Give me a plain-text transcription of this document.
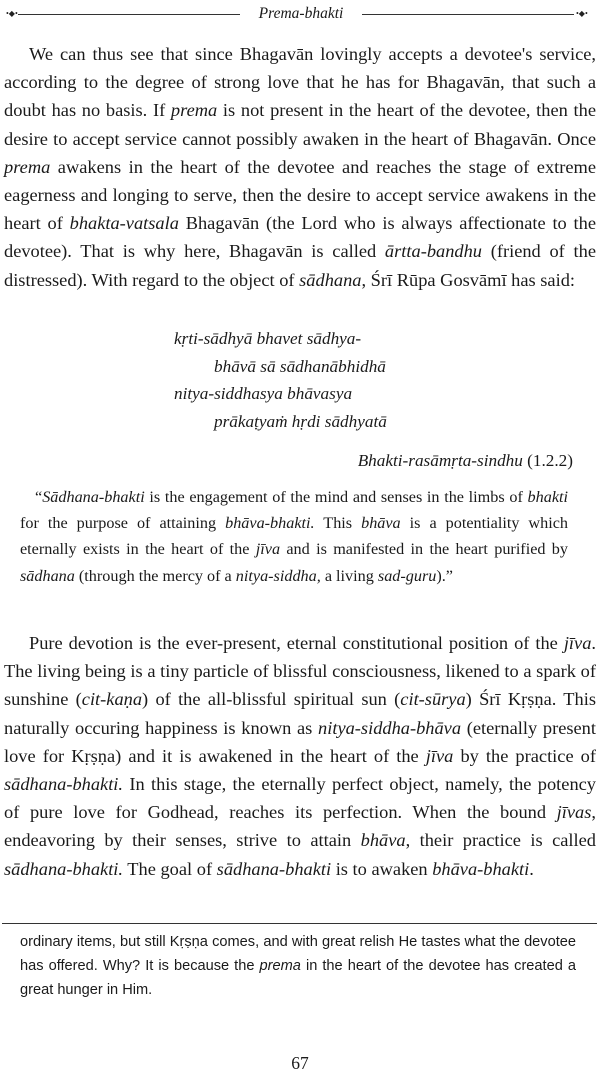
•◆•	Prema-bhakti	•◆•

We can thus see that since Bhagavān lovingly accepts a devotee's service, according to the degree of strong love that he has for Bhagavān, that such a doubt has no basis. If prema is not present in the heart of the devotee, then the desire to accept service cannot possibly awaken in the heart of Bhagavān. Once prema awakens in the heart of the devotee and reaches the stage of extreme eagerness and longing to serve, then the desire to accept service awakens in the heart of bhakta-vatsala Bhagavān (the Lord who is always affectionate to the devotee). That is why here, Bhagavān is called ārtta-bandhu (friend of the distressed). With regard to the object of sādhana, Śrī Rūpa Gosvāmī has said:

kṛti-sādhyā bhavet sādhya-
bhāvā sā sādhanābhidhā
nitya-siddhasya bhāvasya
prākaṭyaṁ hṛdi sādhyatā
Bhakti-rasāmṛta-sindhu (1.2.2)

“Sādhana-bhakti is the engagement of the mind and senses in the limbs of bhakti for the purpose of attaining bhāva-bhakti. This bhāva is a potentiality which eternally exists in the heart of the jīva and is manifested in the heart purified by sādhana (through the mercy of a nitya-siddha, a living sad-guru).”

Pure devotion is the ever-present, eternal constitutional position of the jīva. The living being is a tiny particle of blissful consciousness, likened to a spark of sunshine (cit-kaṇa) of the all-blissful spiritual sun (cit-sūrya) Śrī Kṛṣṇa. This naturally occuring happiness is known as nitya-siddha-bhāva (eternally present love for Kṛṣṇa) and it is awakened in the heart of the jīva by the practice of sādhana-bhakti. In this stage, the eternally perfect object, namely, the potency of pure love for Godhead, reaches its perfection. When the bound jīvas, endeavoring by their senses, strive to attain bhāva, their practice is called sādhana-bhakti. The goal of sādhana-bhakti is to awaken bhāva-bhakti.

ordinary items, but still Kṛṣṇa comes, and with great relish He tastes what the devotee has offered. Why? It is because the prema in the heart of the devotee has created a great hunger in Him.

67
